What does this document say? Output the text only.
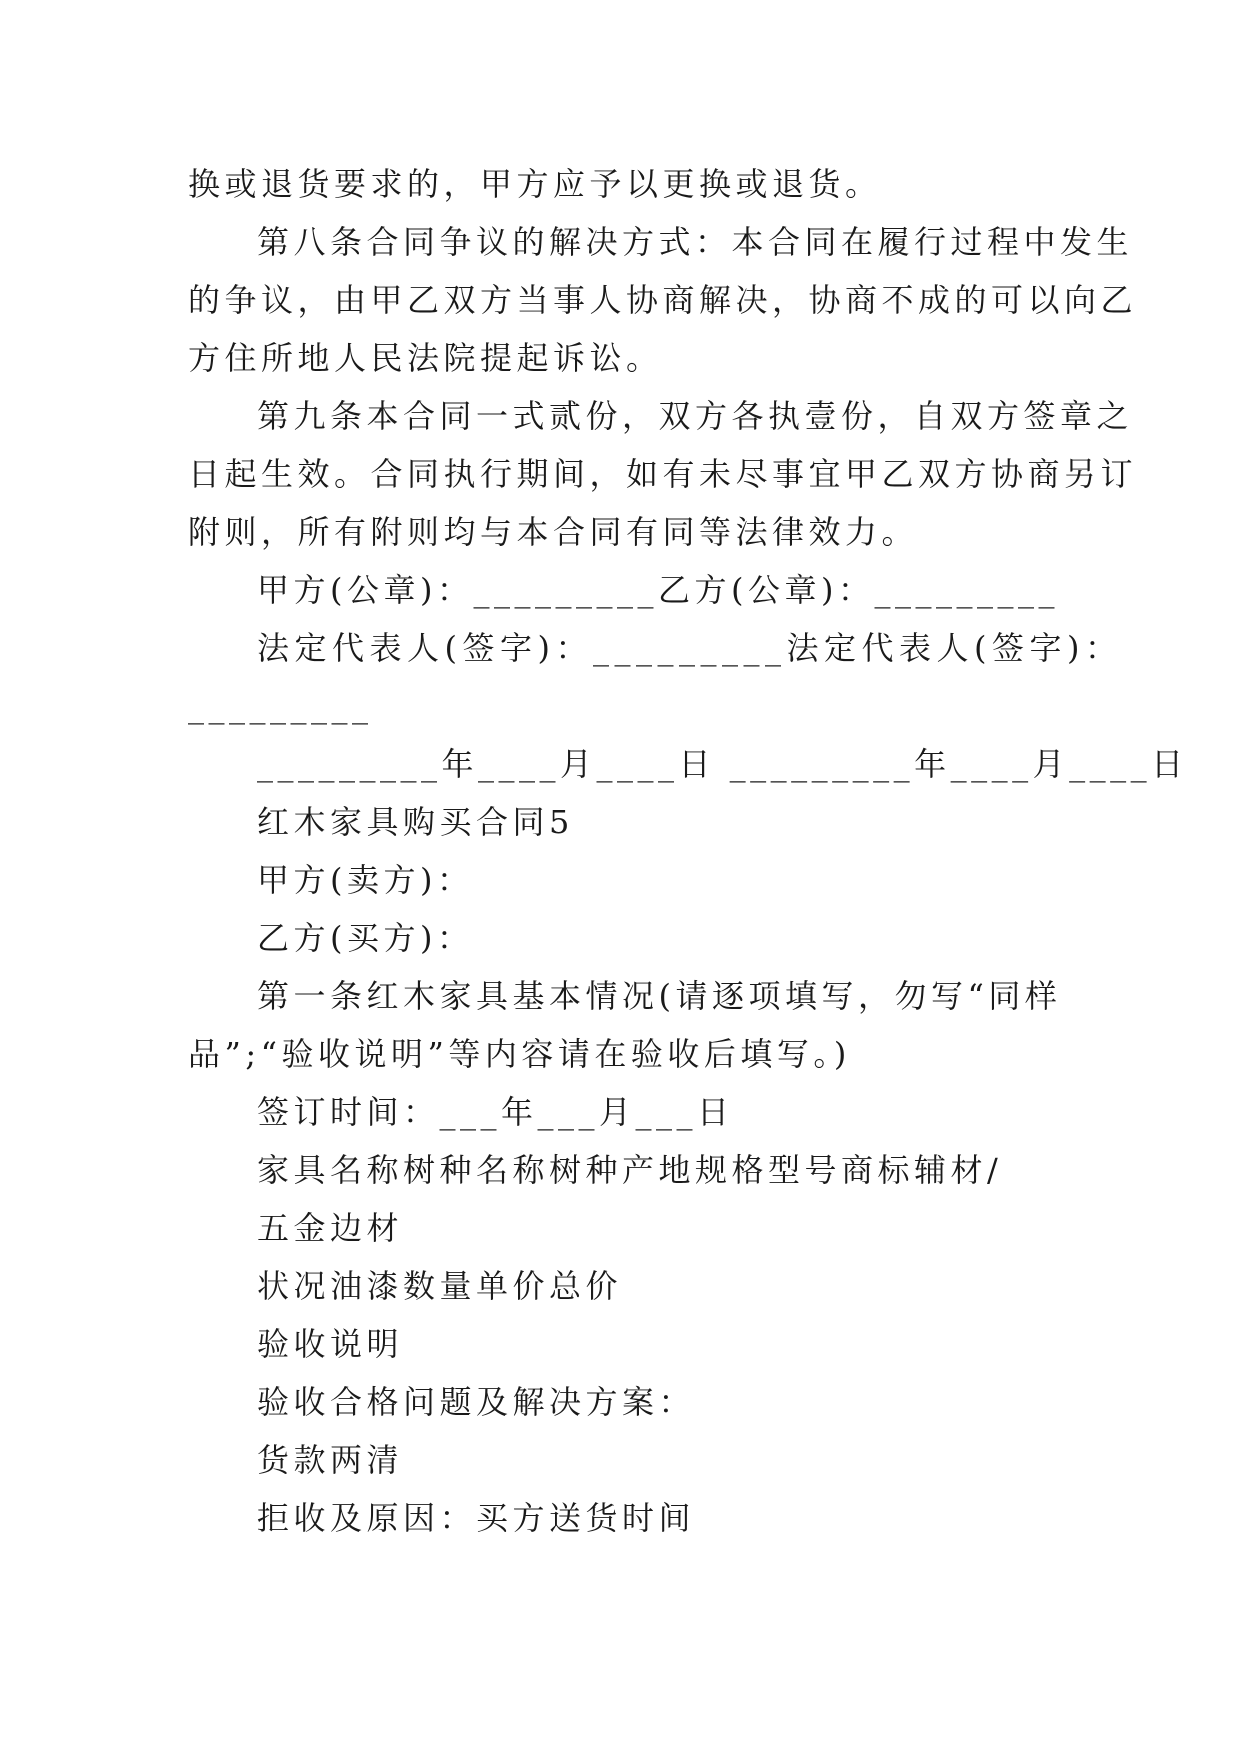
换或退货要求的，甲方应予以更换或退货。

第八条合同争议的解决方式：本合同在履行过程中发生

的争议，由甲乙双方当事人协商解决，协商不成的可以向乙

方住所地人民法院提起诉讼。

第九条本合同一式贰份，双方各执壹份，自双方签章之

日起生效。合同执行期间，如有未尽事宜甲乙双方协商另订

附则，所有附则均与本合同有同等法律效力。

甲方(公章)：_________乙方(公章)：_________

法定代表人(签字)：_________法定代表人(签字)：

_________

_________年____月____日 _________年____月____日

红木家具购买合同5

甲方(卖方)：

乙方(买方)：

第一条红木家具基本情况(请逐项填写，勿写“同样

品”;“验收说明”等内容请在验收后填写。)

签订时间：___年___月___日

家具名称树种名称树种产地规格型号商标辅材/

五金边材

状况油漆数量单价总价

验收说明

验收合格问题及解决方案：

货款两清

拒收及原因：买方送货时间
